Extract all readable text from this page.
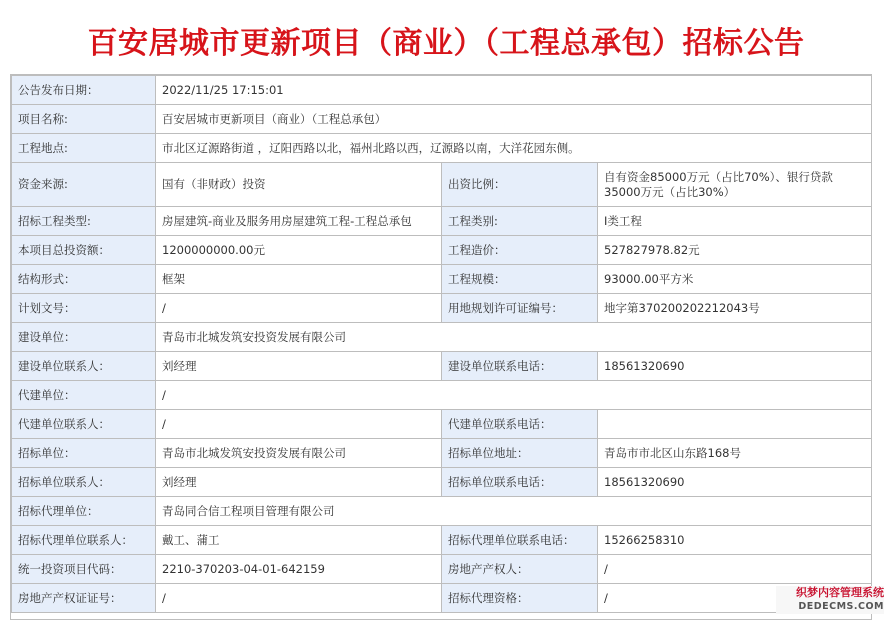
百安居城市更新项目（商业）（工程总承包）招标公告
公告发布日期：	2022/11/25 17:15:01		
项目名称:	百安居城市更新项目（商业）（工程总承包）		
工程地点:	市北区辽源路街道 ，辽阳西路以北，福州北路以西，辽源路以南，大洋花园东侧。		
资金来源:	国有（非财政）投资	出资比例：	自有资金85000万元（占比70%）、银行贷款35000万元（占比30%）
招标工程类型:	房屋建筑-商业及服务用房屋建筑工程-工程总承包	工程类别:	Ⅰ类工程
本项目总投资额：	1200000000.00元	工程造价：	527827978.82元
结构形式：	框架	工程规模：	93000.00平方米
计划文号：	/	用地规划许可证编号：	地字第370200202212043号
建设单位：	青岛市北城发筑安投资发展有限公司		
建设单位联系人：	刘经理	建设单位联系电话：	18561320690
代建单位：	/		
代建单位联系人：	/	代建单位联系电话：	
招标单位：	青岛市北城发筑安投资发展有限公司	招标单位地址：	青岛市市北区山东路168号
招标单位联系人：	刘经理	招标单位联系电话：	18561320690
招标代理单位：	青岛同合信工程项目管理有限公司		
招标代理单位联系人：	戴工、蒲工	招标代理单位联系电话：	15266258310
统一投资项目代码：	2210-370203-04-01-642159	房地产产权人：	/
房地产产权证证号：	/	招标代理资格：	/	织梦内容管理系统
DEDECMS.COM
